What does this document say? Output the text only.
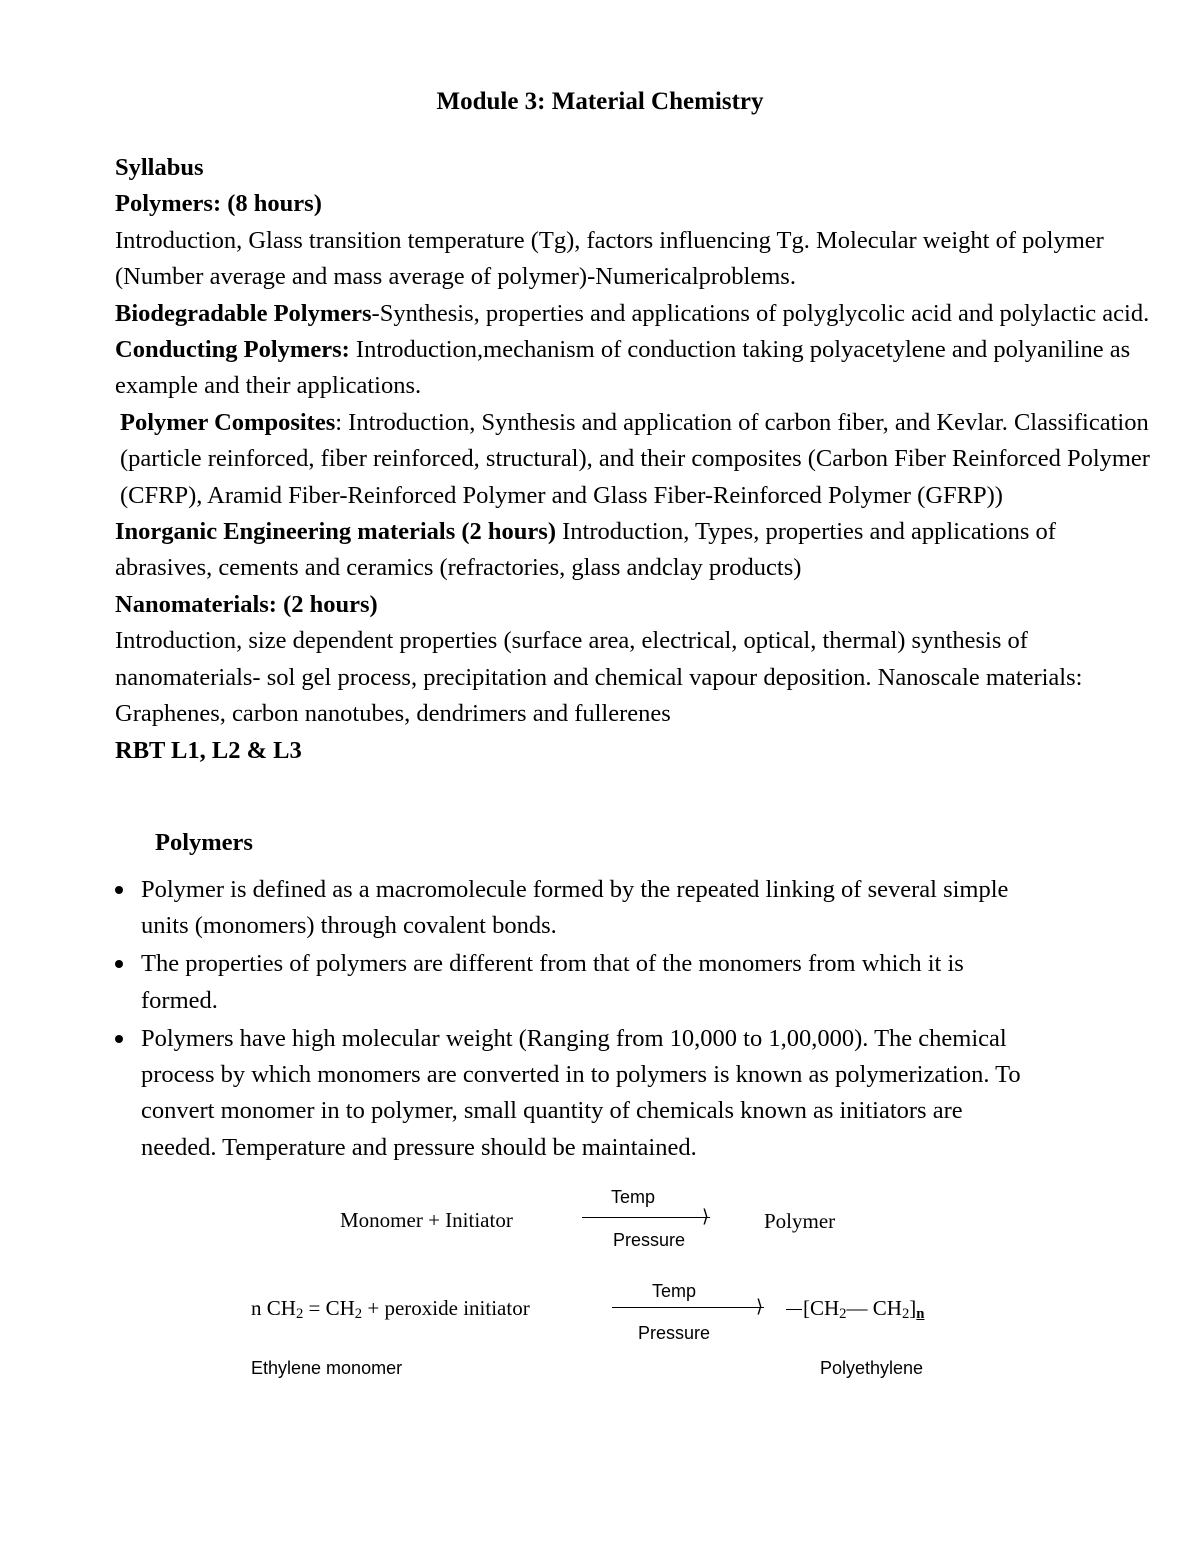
Module 3: Material Chemistry

Syllabus

Polymers: (8 hours)

Introduction, Glass transition temperature (Tg), factors influencing Tg. Molecular weight of polymer (Number average and mass average of polymer)-Numericalproblems.

Biodegradable Polymers-Synthesis, properties and applications of polyglycolic acid and polylactic acid. Conducting Polymers: Introduction,mechanism of conduction taking polyacetylene and polyaniline as example and their applications.

Polymer Composites: Introduction, Synthesis and application of carbon fiber, and Kevlar. Classification (particle reinforced, fiber reinforced, structural), and their composites (Carbon Fiber Reinforced Polymer (CFRP), Aramid Fiber-Reinforced Polymer and Glass Fiber-Reinforced Polymer (GFRP))

Inorganic Engineering materials (2 hours) Introduction, Types, properties and applications of abrasives, cements and ceramics (refractories, glass andclay products)

Nanomaterials: (2 hours)

Introduction, size dependent properties (surface area, electrical, optical, thermal) synthesis of nanomaterials- sol gel process, precipitation and chemical vapour deposition. Nanoscale materials: Graphenes, carbon nanotubes, dendrimers and fullerenes

RBT L1, L2 & L3

Polymers
Polymer is defined as a macromolecule formed by the repeated linking of several simple units (monomers) through covalent bonds.
The properties of polymers are different from that of the monomers from which it is formed.
Polymers have high molecular weight (Ranging from 10,000 to 1,00,000). The chemical process by which monomers are converted in to polymers is known as polymerization. To convert monomer in to polymer, small quantity of chemicals known as initiators are needed. Temperature and pressure should be maintained.
Monomer + Initiator
Temp
⟩
Pressure
Polymer
n $CH_2 = CH_2$ + peroxide initiator
Temp
⟩
Pressure
[$CH_2—$ $CH_2]_n$
Ethylene monomer	Polyethylene
